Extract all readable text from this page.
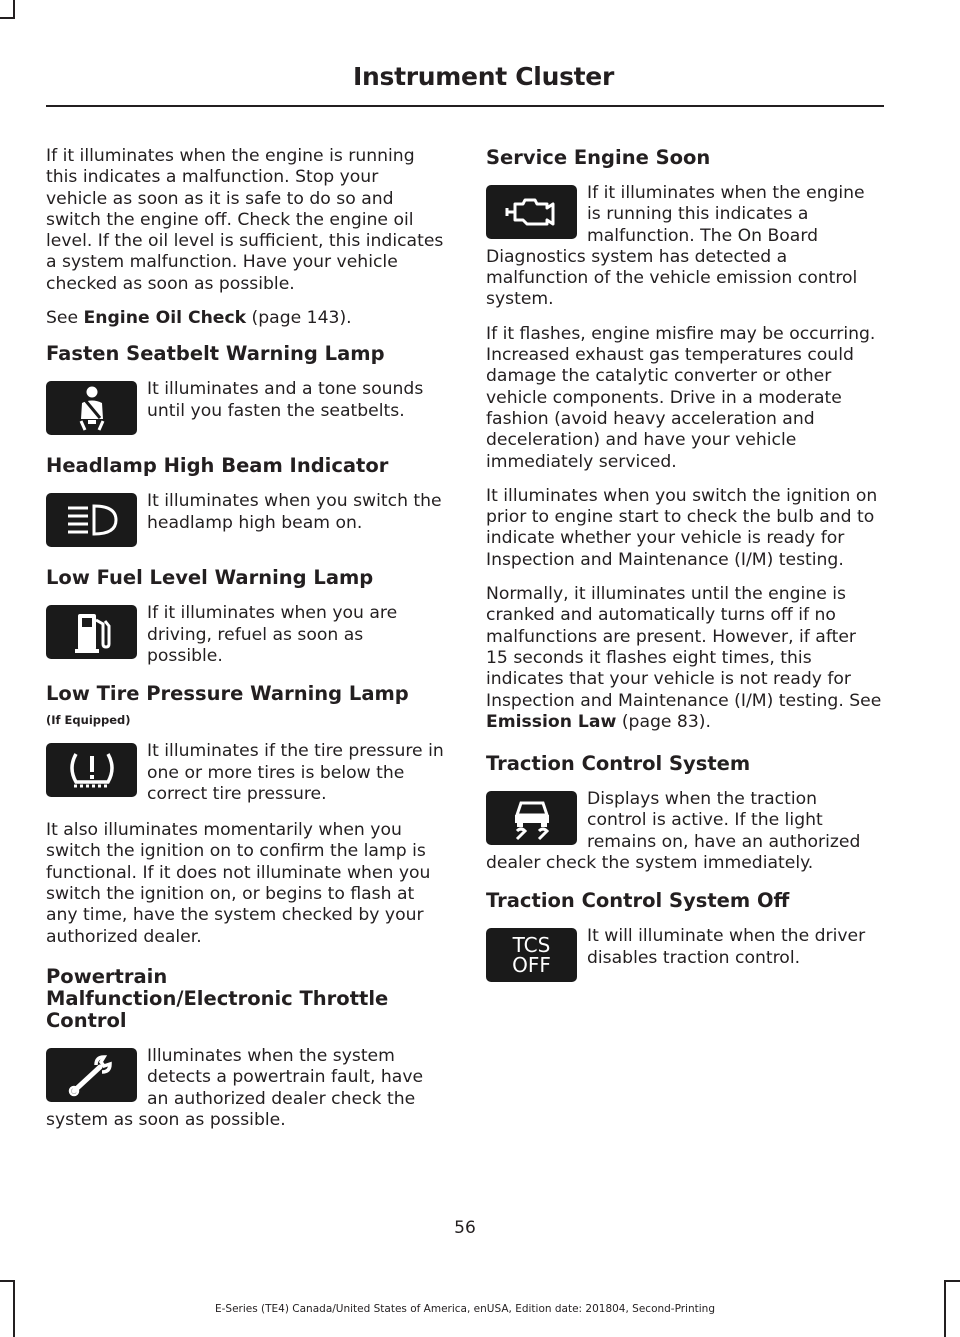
Instrument Cluster

If it illuminates when the engine is running this indicates a malfunction. Stop your vehicle as soon as it is safe to do so and switch the engine off. Check the engine oil level. If the oil level is sufficient, this indicates a system malfunction. Have your vehicle checked as soon as possible.

See Engine Oil Check (page 143).

Fasten Seatbelt Warning Lamp

It illuminates and a tone sounds until you fasten the seatbelts.

Headlamp High Beam Indicator

It illuminates when you switch the headlamp high beam on.

Low Fuel Level Warning Lamp

If it illuminates when you are driving, refuel as soon as possible.

Low Tire Pressure Warning Lamp
(If Equipped)

It illuminates if the tire pressure in one or more tires is below the correct tire pressure.

It also illuminates momentarily when you switch the ignition on to confirm the lamp is functional. If it does not illuminate when you switch the ignition on, or begins to flash at any time, have the system checked by your authorized dealer.

Powertrain
Malfunction/Electronic Throttle
Control

Illuminates when the system detects a powertrain fault, have an authorized dealer check the system as soon as possible.

Service Engine Soon

If it illuminates when the engine is running this indicates a malfunction. The On Board Diagnostics system has detected a malfunction of the vehicle emission control system.

If it flashes, engine misfire may be occurring. Increased exhaust gas temperatures could damage the catalytic converter or other vehicle components. Drive in a moderate fashion (avoid heavy acceleration and deceleration) and have your vehicle immediately serviced.

It illuminates when you switch the ignition on prior to engine start to check the bulb and to indicate whether your vehicle is ready for Inspection and Maintenance (I/M) testing.

Normally, it illuminates until the engine is cranked and automatically turns off if no malfunctions are present. However, if after 15 seconds it flashes eight times, this indicates that your vehicle is not ready for Inspection and Maintenance (I/M) testing. See Emission Law (page 83).

Traction Control System

Displays when the traction control is active. If the light remains on, have an authorized dealer check the system immediately.

Traction Control System Off
TCS
OFF

It will illuminate when the driver disables traction control.

56
E-Series (TE4) Canada/United States of America, enUSA, Edition date: 201804, Second-Printing
